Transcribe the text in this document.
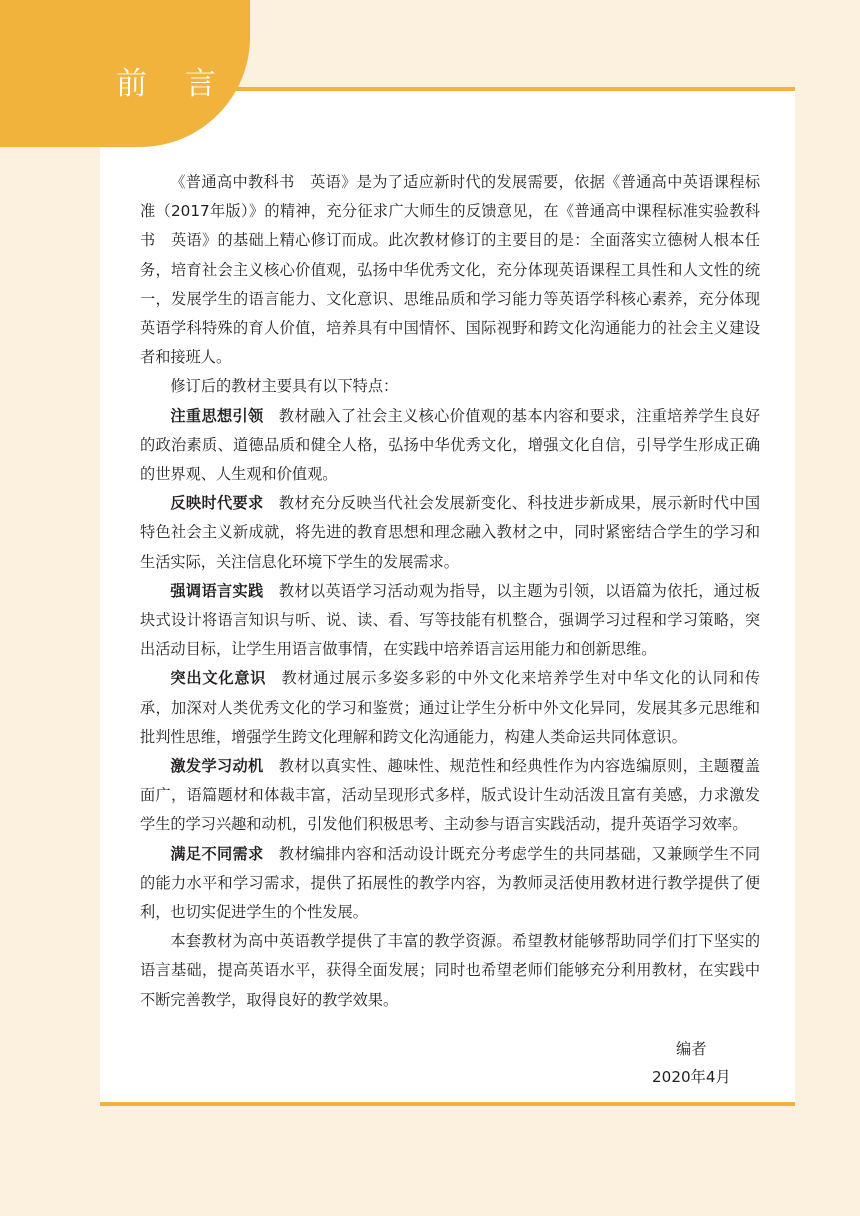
前 言

《普通高中教科书　英语》是为了适应新时代的发展需要，依据《普通高中英语课程标准（2017年版）》的精神，充分征求广大师生的反馈意见，在《普通高中课程标准实验教科书　英语》的基础上精心修订而成。此次教材修订的主要目的是：全面落实立德树人根本任务，培育社会主义核心价值观，弘扬中华优秀文化，充分体现英语课程工具性和人文性的统一，发展学生的语言能力、文化意识、思维品质和学习能力等英语学科核心素养，充分体现英语学科特殊的育人价值，培养具有中国情怀、国际视野和跨文化沟通能力的社会主义建设者和接班人。

修订后的教材主要具有以下特点：

注重思想引领 教材融入了社会主义核心价值观的基本内容和要求，注重培养学生良好的政治素质、道德品质和健全人格，弘扬中华优秀文化，增强文化自信，引导学生形成正确的世界观、人生观和价值观。

反映时代要求 教材充分反映当代社会发展新变化、科技进步新成果，展示新时代中国特色社会主义新成就，将先进的教育思想和理念融入教材之中，同时紧密结合学生的学习和生活实际，关注信息化环境下学生的发展需求。

强调语言实践 教材以英语学习活动观为指导，以主题为引领，以语篇为依托，通过板块式设计将语言知识与听、说、读、看、写等技能有机整合，强调学习过程和学习策略，突出活动目标，让学生用语言做事情，在实践中培养语言运用能力和创新思维。

突出文化意识 教材通过展示多姿多彩的中外文化来培养学生对中华文化的认同和传承，加深对人类优秀文化的学习和鉴赏；通过让学生分析中外文化异同，发展其多元思维和批判性思维，增强学生跨文化理解和跨文化沟通能力，构建人类命运共同体意识。

激发学习动机 教材以真实性、趣味性、规范性和经典性作为内容选编原则，主题覆盖面广，语篇题材和体裁丰富，活动呈现形式多样，版式设计生动活泼且富有美感，力求激发学生的学习兴趣和动机，引发他们积极思考、主动参与语言实践活动，提升英语学习效率。

满足不同需求 教材编排内容和活动设计既充分考虑学生的共同基础，又兼顾学生不同的能力水平和学习需求，提供了拓展性的教学内容，为教师灵活使用教材进行教学提供了便利，也切实促进学生的个性发展。

本套教材为高中英语教学提供了丰富的教学资源。希望教材能够帮助同学们打下坚实的语言基础，提高英语水平，获得全面发展；同时也希望老师们能够充分利用教材，在实践中不断完善教学，取得良好的教学效果。

编者
2020年4月
